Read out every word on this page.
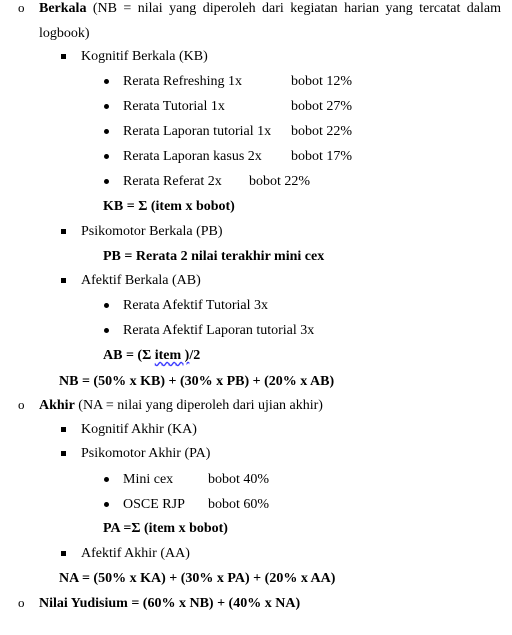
o Berkala (NB = nilai yang diperoleh dari kegiatan harian yang tercatat dalam
logbook)
Kognitif Berkala (KB)
Rerata Refreshing 1x	bobot 12%
Rerata Tutorial 1x	bobot 27%
Rerata Laporan tutorial 1x bobot 22%
Rerata Laporan kasus 2x bobot 17%
Rerata Referat 2x bobot 22%
KB = Σ (item x bobot)
Psikomotor Berkala (PB)
PB = Rerata 2 nilai terakhir mini cex
Afektif Berkala (AB)
Rerata Afektif Tutorial 3x
Rerata Afektif Laporan tutorial 3x
AB = (Σ item )/2
NB = (50% x KB) + (30% x PB) + (20% x AB)
o Akhir (NA = nilai yang diperoleh dari ujian akhir)
Kognitif Akhir (KA)
Psikomotor Akhir (PA)
Mini cex bobot 40%
OSCE RJP bobot 60%
PA =Σ (item x bobot)
Afektif Akhir (AA)
NA = (50% x KA) + (30% x PA) + (20% x AA)
o Nilai Yudisium = (60% x NB) + (40% x NA)
